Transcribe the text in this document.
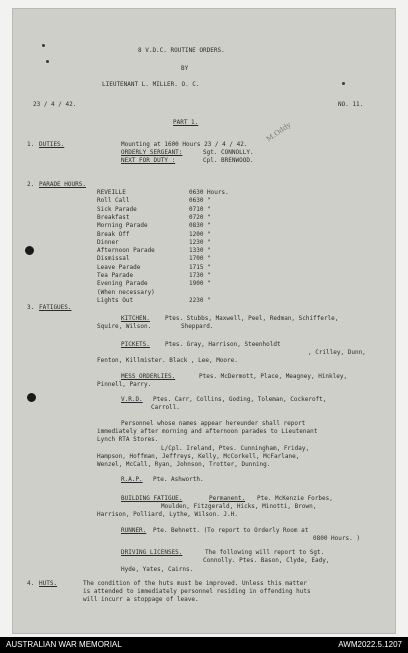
8 V.D.C. ROUTINE ORDERS.
BY
LIEUTENANT L. MILLER. O. C.
23 / 4 / 42.	NO. 11.
PART 1.	M.Oddy
1. DUTIES.	Mounting at 1600 Hours 23 / 4 / 42.
ORDERLY SERGEANT:	Sgt. CONNOLLY.
NEXT FOR DUTY :	Cpl. BRENWOOD.
2. PARADE HOURS.
REVEILLE	0630 Hours.
Roll Call	0630 "
Sick Parade	0710 "
Breakfast	0720 "
Morning Parade	0830 "
Break Off	1200 "
Dinner	1230 "
Afternoon Parade	1330 "
Dismissal	1700 "
Leave Parade	1715 "
Tea Parade	1730 "
Evening Parade	1900 "
(When necessary)
Lights Out	2230 "
3. FATIGUES.
KITCHEN.	Ptes. Stubbs, Maxwell, Peel, Redman, Schifferle,
Squire, Wilson.	Sheppard.
PICKETS.	Ptes. Gray, Harrison, Steenholdt
, Crilley, Dunn,
Fenton, Killmister. Black , Lee, Moore.
MESS ORDERLIES.	Ptes. McDermott, Place, Meagney, Hinkley,
Pinnell, Parry.
V.R.D. Ptes. Carr, Collins, Goding, Toleman, Cockeroft,
Carroll.
Personnel whose names appear hereunder shall report
immediately after morning and afternoon parades to Lieutenant
Lynch RTA Stores.
L/Cpl. Ireland, Ptes. Cunningham, Friday,
Hampson, Hoffman, Jeffreys, Kelly, McCorkell, McFarlane,
Wenzel, McCall, Ryan, Johnson, Trotter, Dunning.
R.A.P. Pte. Ashworth.
BUILDING FATIGUE.	Permanent. Pte. McKenzie Forbes,
Moulden, Fitzgerald, Hicks, Minotti, Brown,
Harrison, Polliard, Lythe, Wilson. J.H.
RUNNER. Pte. Behnett. (To report to Orderly Room at
0800 Hours. )
DRIVING LICENSES.	The following will report to Sgt.
Connolly. Ptes. Bason, Clyde, Eady,
Hyde, Yates, Cairns.
4. HUTS.	The condition of the huts must be improved. Unless this matter
is attended to immediately personnel residing in offending huts
will incurr a stoppage of leave.
AUSTRALIAN WAR MEMORIAL	AWM2022.5.1207
